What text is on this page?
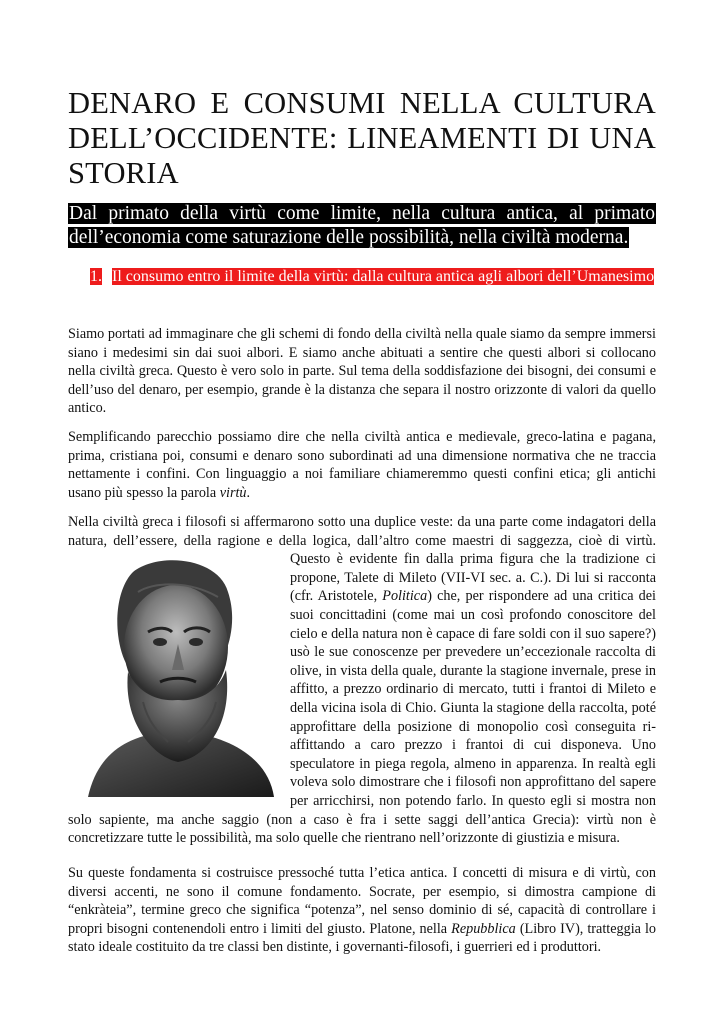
DENARO E CONSUMI NELLA CULTURA
DELL’OCCIDENTE: LINEAMENTI DI UNA
STORIA
Dal primato della virtù come limite, nella cultura antica, al primato dell’economia come saturazione delle possibilità, nella civiltà moderna.
1. Il consumo entro il limite della virtù: dalla cultura antica agli albori dell’Umanesimo

Siamo portati ad immaginare che gli schemi di fondo della civiltà nella quale siamo da sempre immersi siano i medesimi sin dai suoi albori. E siamo anche abituati a sentire che questi albori si collocano nella civiltà greca. Questo è vero solo in parte. Sul tema della soddisfazione dei bisogni, dei consumi e dell’uso del denaro, per esempio, grande è la distanza che separa il nostro orizzonte di valori da quello antico.

Semplificando parecchio possiamo dire che nella civiltà antica e medievale, greco-latina e pagana, prima, cristiana poi, consumi e denaro sono subordinati ad una dimensione normativa che ne traccia nettamente i confini. Con linguaggio a noi familiare chiameremmo questi confini etica; gli antichi usano più spesso la parola virtù.

Nella civiltà greca i filosofi si affermarono sotto una duplice veste: da una parte come indagatori della natura, dell’essere, della ragione e della logica, dall’altro come maestri di saggezza, cioè di virtù. Questo è evidente fin dalla prima figura che la tradizione ci propone, Talete di Mileto (VII-VI sec. a. C.). Di lui si racconta (cfr. Aristotele, Politica) che, per rispondere ad una critica dei suoi concittadini (come mai un così profondo conoscitore del cielo e della natura non è capace di fare soldi con il suo sapere?) usò le sue conoscenze per prevedere un’eccezionale raccolta di olive, in vista della quale, durante la stagione invernale, prese in affitto, a prezzo ordinario di mercato, tutti i frantoi di Mileto e della vicina isola di Chio. Giunta la stagione della raccolta, poté approfittare della posizione di monopolio così conseguita ri-affittando a caro prezzo i frantoi di cui disponeva. Uno speculatore in piega regola, almeno in apparenza. In realtà egli voleva solo dimostrare che i filosofi non approfittano del sapere per arricchirsi, non potendo farlo. In questo egli si mostra non solo sapiente, ma anche saggio (non a caso è fra i sette saggi dell’antica Grecia): virtù non è concretizzare tutte le possibilità, ma solo quelle che rientrano nell’orizzonte di giustizia e misura.

Su queste fondamenta si costruisce pressoché tutta l’etica antica. I concetti di misura e di virtù, con diversi accenti, ne sono il comune fondamento. Socrate, per esempio, si dimostra campione di “enkràteia”, termine greco che significa “potenza”, nel senso dominio di sé, capacità di controllare i propri bisogni contenendoli entro i limiti del giusto. Platone, nella Repubblica (Libro IV), tratteggia lo stato ideale costituito da tre classi ben distinte, i governanti-filosofi, i guerrieri ed i produttori.
